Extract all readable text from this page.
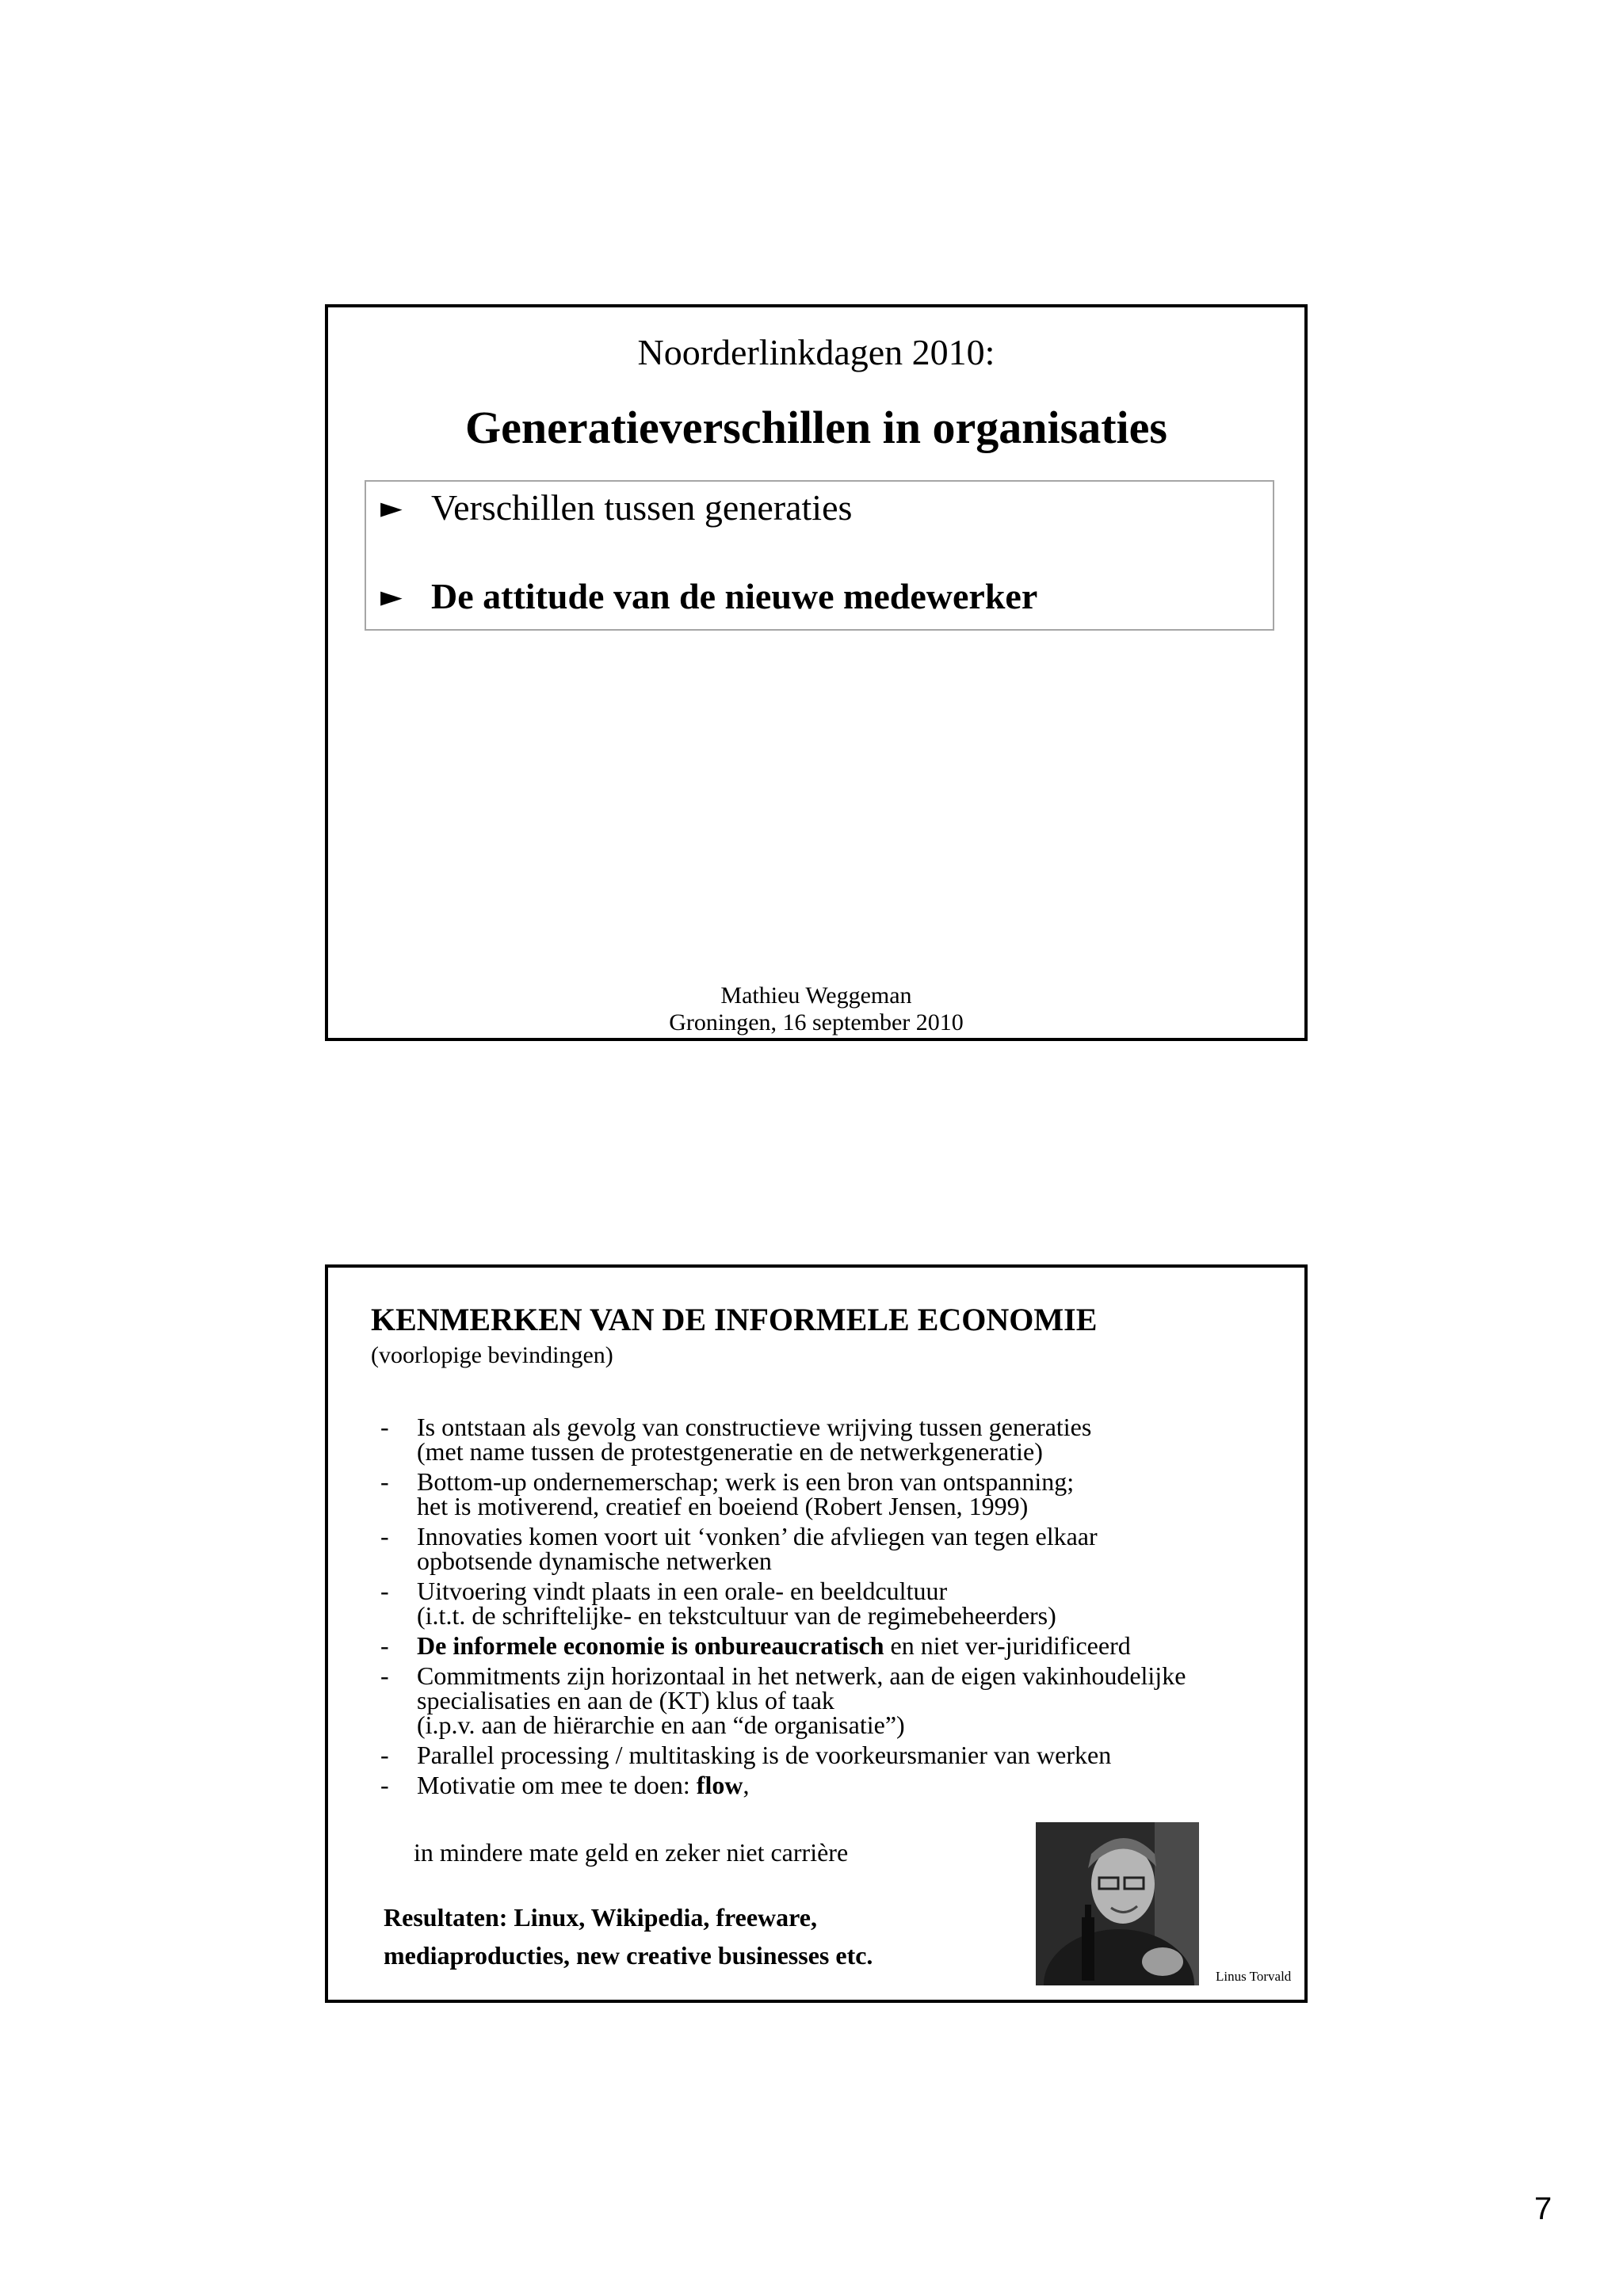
Noorderlinkdagen 2010:
Generatieverschillen in organisaties
► Verschillen tussen generaties
► De attitude van de nieuwe medewerker
Mathieu Weggeman
Groningen, 16 september 2010
KENMERKEN VAN DE INFORMELE ECONOMIE
(voorlopige bevindingen)
- Is ontstaan als gevolg van constructieve wrijving tussen generaties
(met name tussen de protestgeneratie en de netwerkgeneratie)
- Bottom-up ondernemerschap; werk is een bron van ontspanning;
het is motiverend, creatief en boeiend (Robert Jensen, 1999)
- Innovaties komen voort uit ‘vonken’ die afvliegen van tegen elkaar
opbotsende dynamische netwerken
- Uitvoering vindt plaats in een orale- en beeldcultuur
(i.t.t. de schriftelijke- en tekstcultuur van de regimebeheerders)
- De informele economie is onbureaucratisch en niet ver-juridificeerd
- Commitments zijn horizontaal in het netwerk, aan de eigen vakinhoudelijke
specialisaties en aan de (KT) klus of taak
(i.p.v. aan de hiërarchie en aan “de organisatie”)
- Parallel processing / multitasking is de voorkeursmanier van werken
- Motivatie om mee te doen: flow,
in mindere mate geld en zeker niet carrière
Resultaten: Linux, Wikipedia, freeware,
mediaproducties, new creative businesses etc.
Linus Torvald
7
